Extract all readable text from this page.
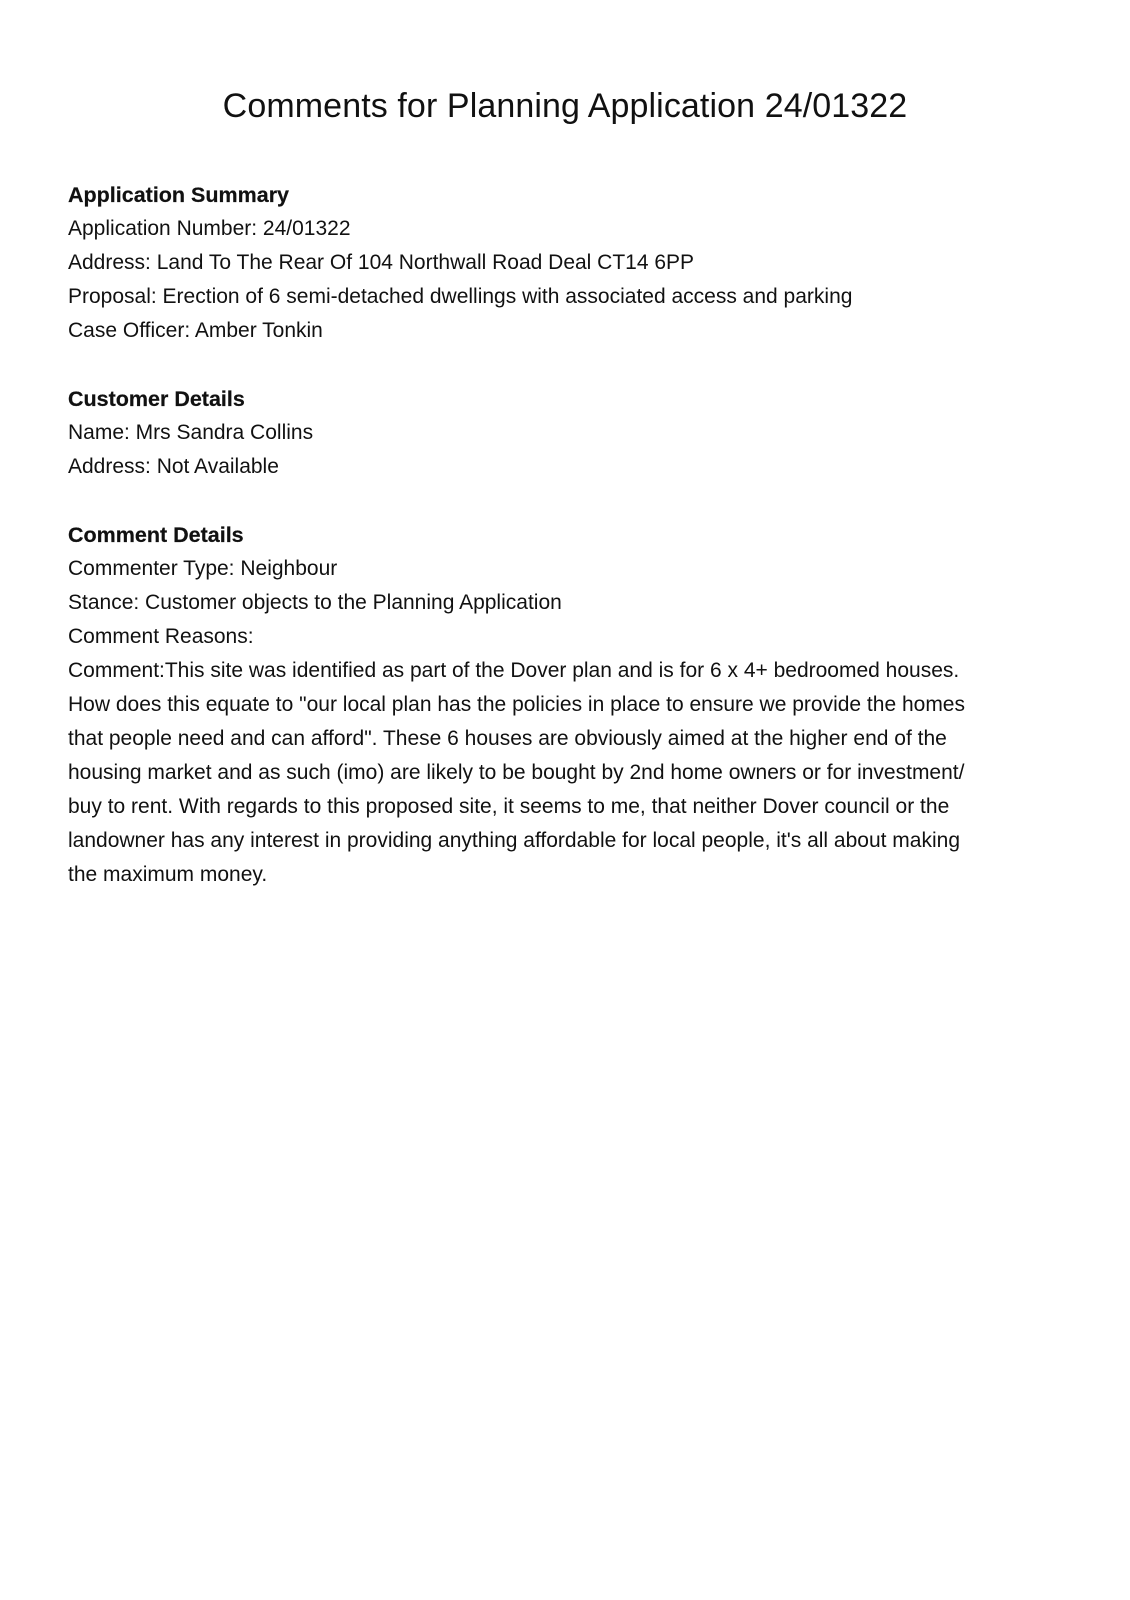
Comments for Planning Application 24/01322

Application Summary

Application Number: 24/01322

Address: Land To The Rear Of 104 Northwall Road Deal CT14 6PP

Proposal: Erection of 6 semi-detached dwellings with associated access and parking

Case Officer: Amber Tonkin

Customer Details

Name: Mrs Sandra Collins

Address: Not Available

Comment Details

Commenter Type: Neighbour

Stance: Customer objects to the Planning Application

Comment Reasons:

Comment:This site was identified as part of the Dover plan and is for 6 x 4+ bedroomed houses.
How does this equate to "our local plan has the policies in place to ensure we provide the homes
that people need and can afford". These 6 houses are obviously aimed at the higher end of the
housing market and as such (imo) are likely to be bought by 2nd home owners or for investment/
buy to rent. With regards to this proposed site, it seems to me, that neither Dover council or the
landowner has any interest in providing anything affordable for local people, it's all about making
the maximum money.
